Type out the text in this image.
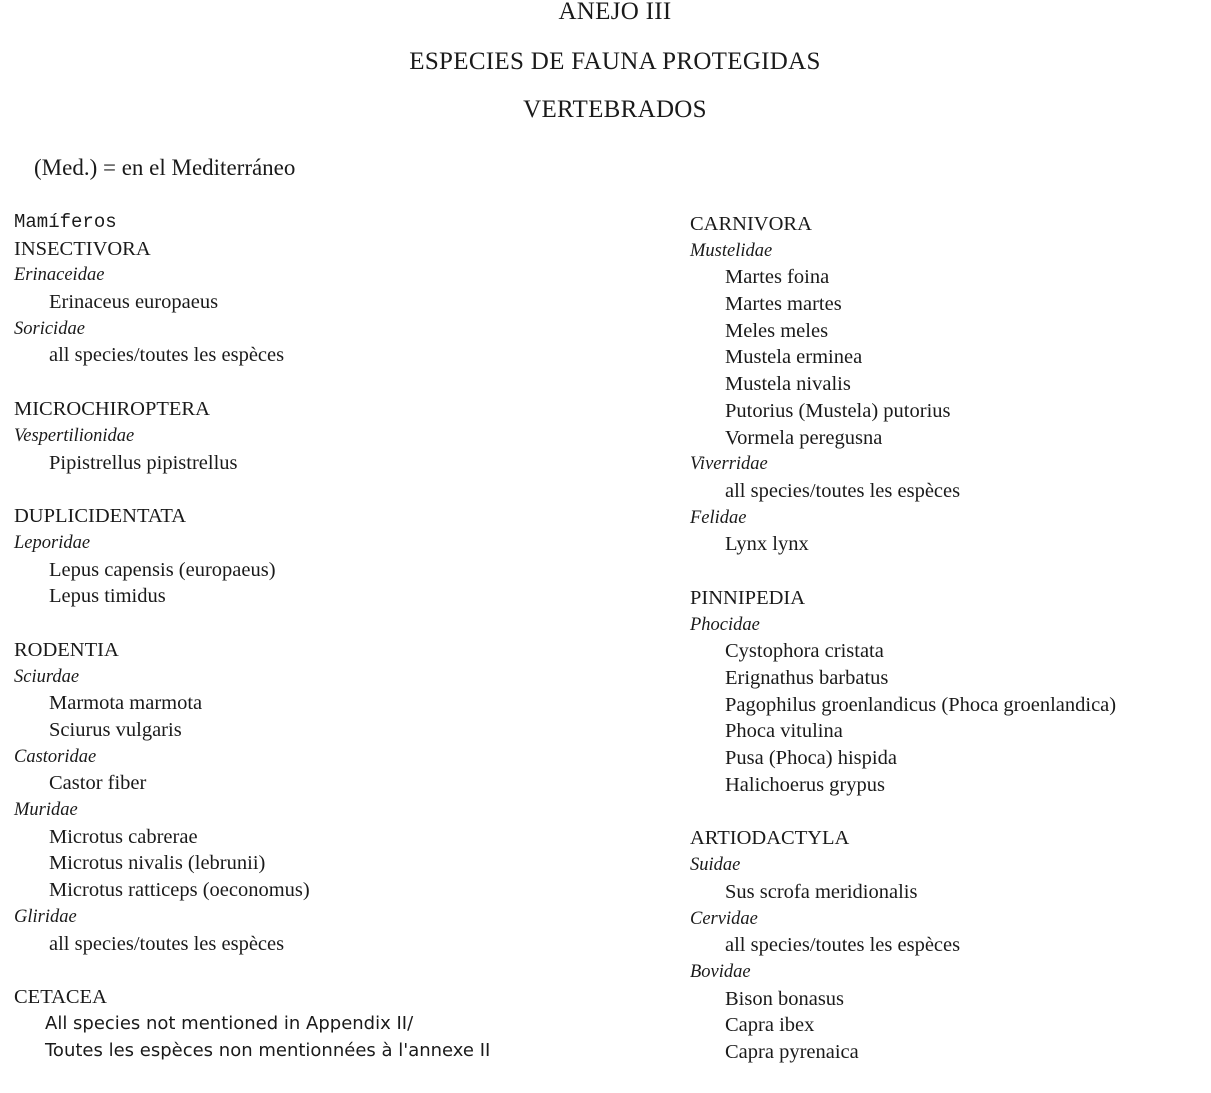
ANEJO III
ESPECIES DE FAUNA PROTEGIDAS
VERTEBRADOS
(Med.) = en el Mediterráneo
Mamíferos
INSECTIVORA
Erinaceidae
Erinaceus europaeus
Soricidae
all species/toutes les espèces
MICROCHIROPTERA
Vespertilionidae
Pipistrellus pipistrellus
DUPLICIDENTATA
Leporidae
Lepus capensis (europaeus)
Lepus timidus
RODENTIA
Sciurdae
Marmota marmota
Sciurus vulgaris
Castoridae
Castor fiber
Muridae
Microtus cabrerae
Microtus nivalis (lebrunii)
Microtus ratticeps (oeconomus)
Gliridae
all species/toutes les espèces
CETACEA
All species not mentioned in Appendix II/
Toutes les espèces non mentionnées à l'annexe II
CARNIVORA
Mustelidae
Martes foina
Martes martes
Meles meles
Mustela erminea
Mustela nivalis
Putorius (Mustela) putorius
Vormela peregusna
Viverridae
all species/toutes les espèces
Felidae
Lynx lynx
PINNIPEDIA
Phocidae
Cystophora cristata
Erignathus barbatus
Pagophilus groenlandicus (Phoca groenlandica)
Phoca vitulina
Pusa (Phoca) hispida
Halichoerus grypus
ARTIODACTYLA
Suidae
Sus scrofa meridionalis
Cervidae
all species/toutes les espèces
Bovidae
Bison bonasus
Capra ibex
Capra pyrenaica
